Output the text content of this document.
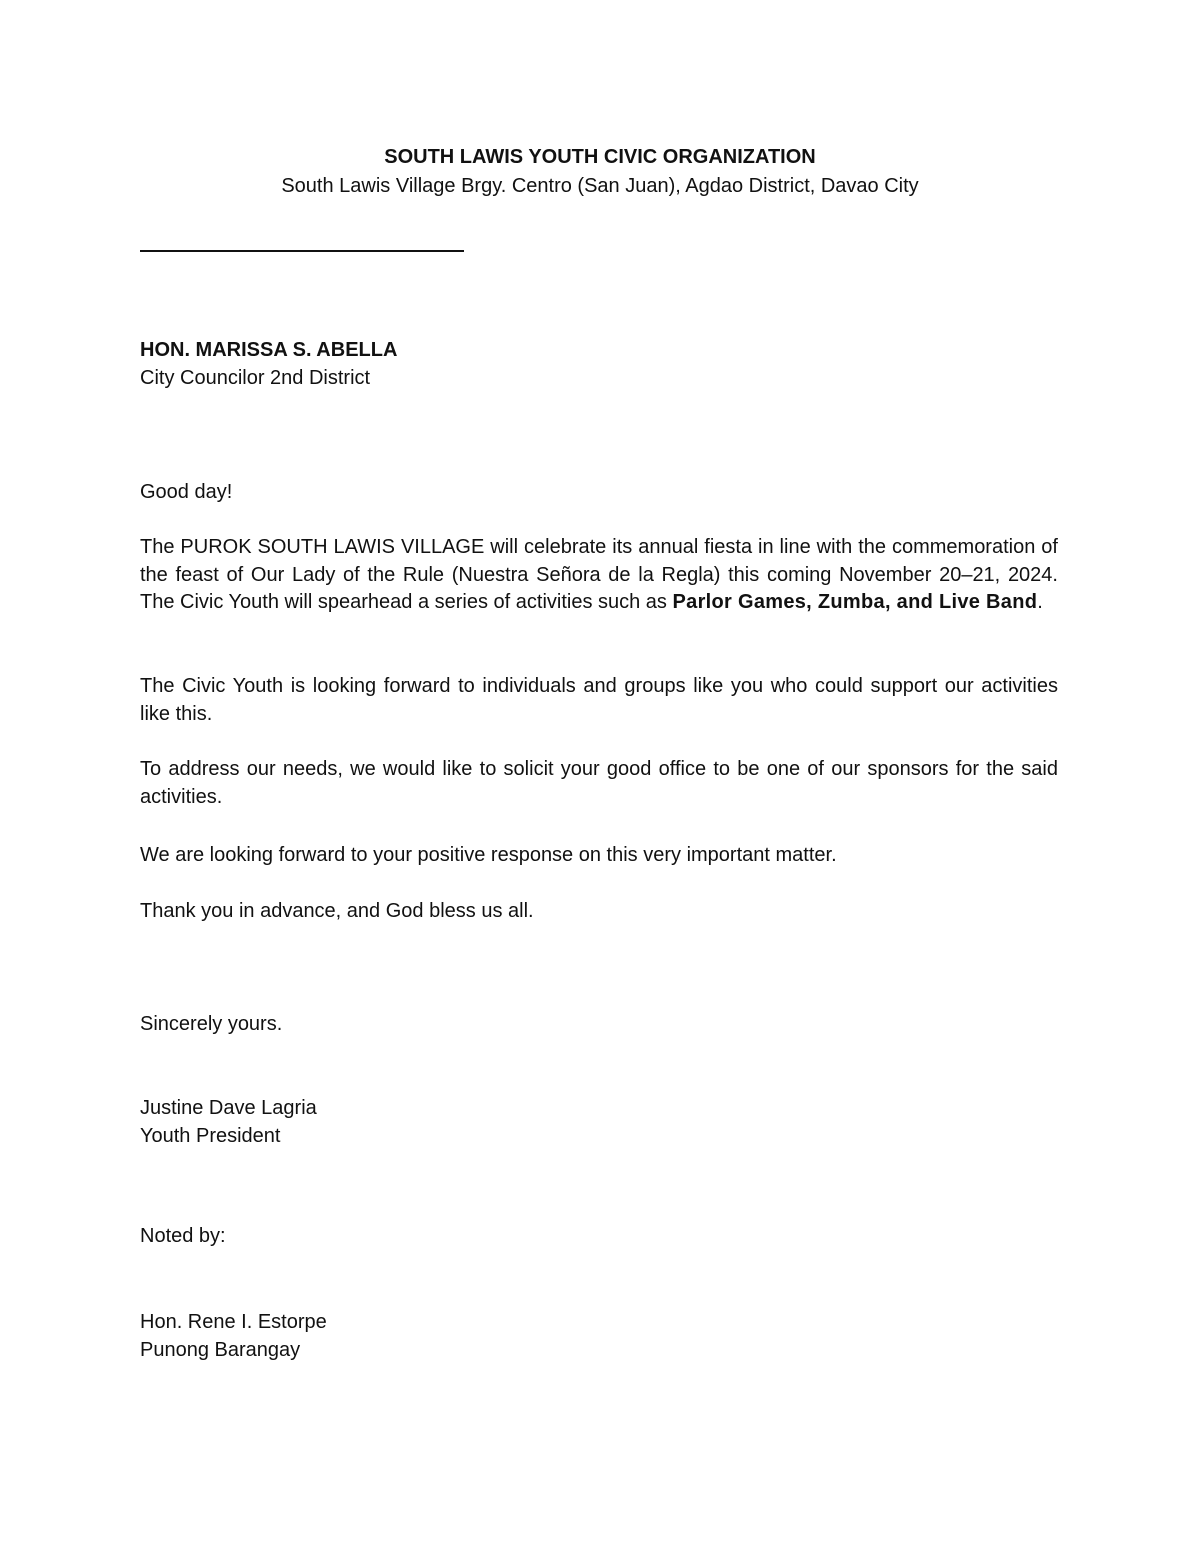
SOUTH LAWIS YOUTH CIVIC ORGANIZATION
South Lawis Village Brgy. Centro (San Juan), Agdao District, Davao City
HON. MARISSA S. ABELLA
City Councilor 2nd District
Good day!
The PUROK SOUTH LAWIS VILLAGE will celebrate its annual fiesta in line with the commemoration of the feast of Our Lady of the Rule (Nuestra Señora de la Regla) this coming November 20–21, 2024. The Civic Youth will spearhead a series of activities such as Parlor Games, Zumba, and Live Band.
The Civic Youth is looking forward to individuals and groups like you who could support our activities like this.
To address our needs, we would like to solicit your good office to be one of our sponsors for the said activities.
We are looking forward to your positive response on this very important matter.
Thank you in advance, and God bless us all.
Sincerely yours.
Justine Dave Lagria
Youth President
Noted by:
Hon. Rene I. Estorpe
Punong Barangay
